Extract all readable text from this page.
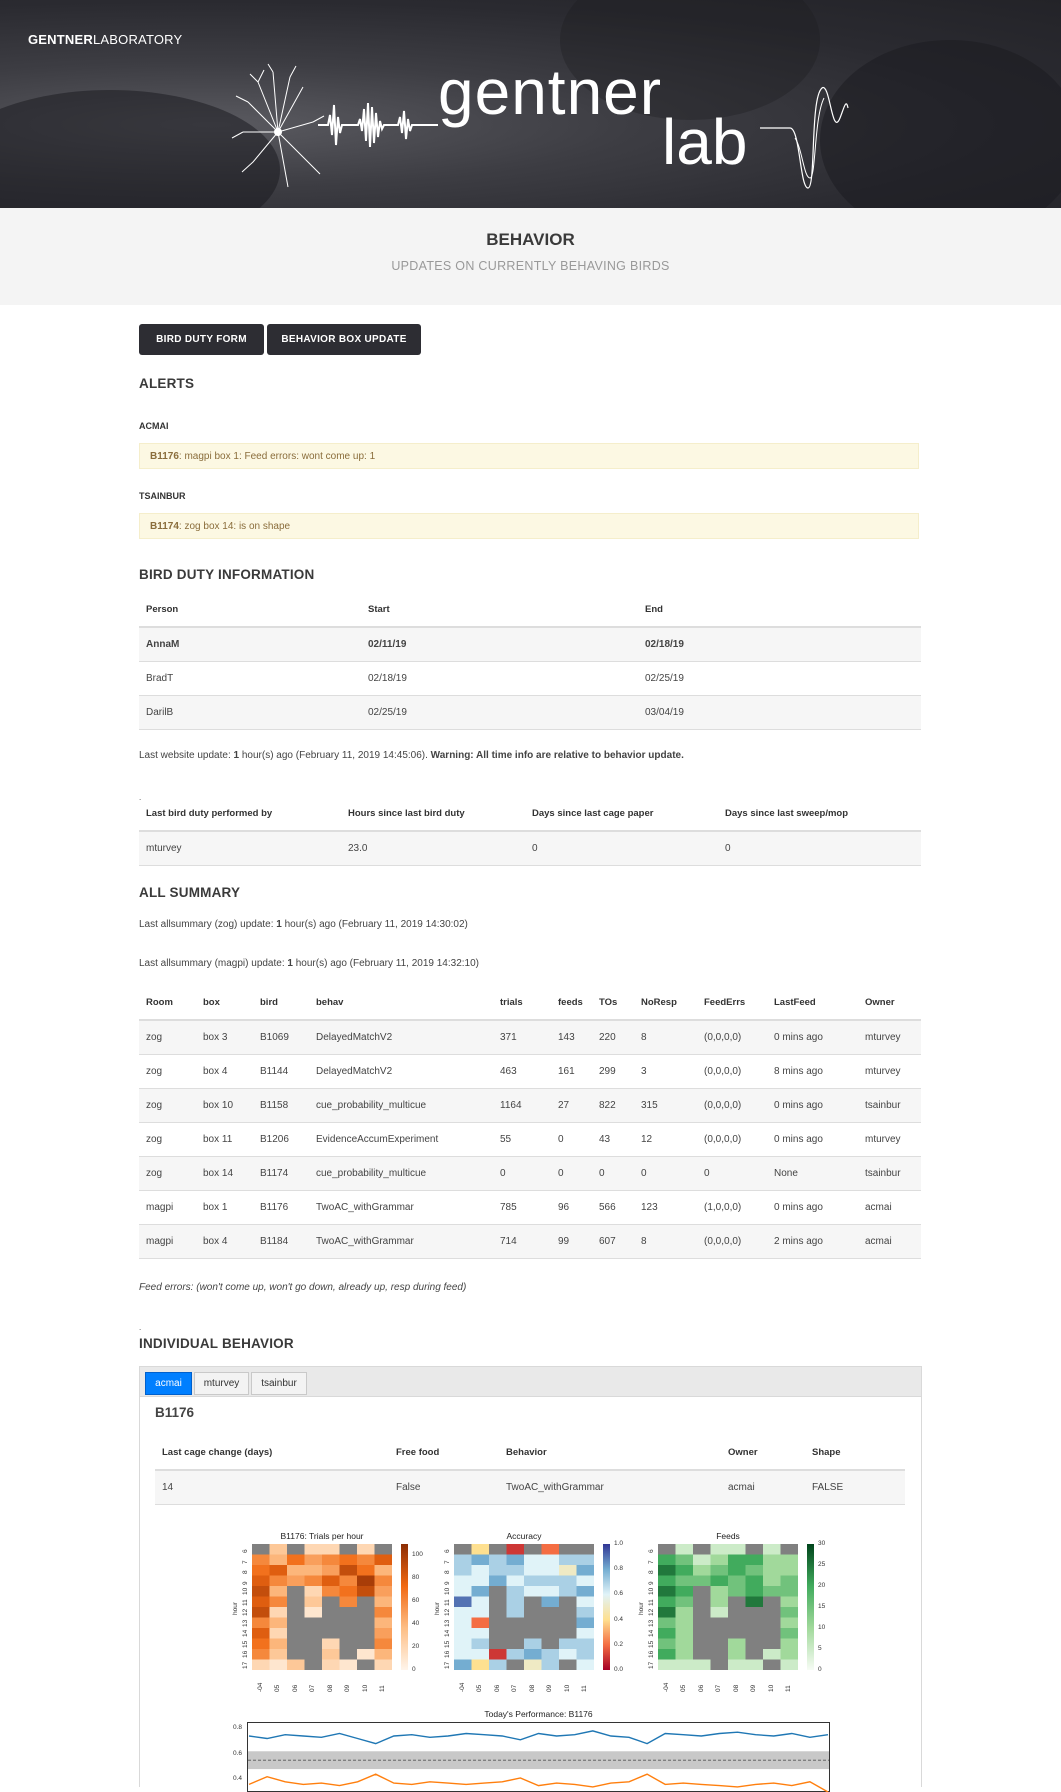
GENTNERLABORATORY
gentner
lab
BEHAVIOR
UPDATES ON CURRENTLY BEHAVING BIRDS
BIRD DUTY FORM	BEHAVIOR BOX UPDATE
ALERTS
ACMAI
B1176: magpi box 1: Feed errors: wont come up: 1
TSAINBUR
B1174: zog box 14: is on shape
BIRD DUTY INFORMATION
Person	Start	End
AnnaM	02/11/19	02/18/19
BradT	02/18/19	02/25/19
DarilB	02/25/19	03/04/19
Last website update: 1 hour(s) ago (February 11, 2019 14:45:06). Warning: All time info are relative to behavior update.
.
Last bird duty performed by	Hours since last bird duty	Days since last cage paper	Days since last sweep/mop
mturvey	23.0	0	0
ALL SUMMARY
Last allsummary (zog) update: 1 hour(s) ago (February 11, 2019 14:30:02)
Last allsummary (magpi) update: 1 hour(s) ago (February 11, 2019 14:32:10)
Room	box	bird	behav	trials	feeds	TOs	NoResp	FeedErrs	LastFeed	Owner
zog	box 3	B1069	DelayedMatchV2	371	143	220	8	(0,0,0,0)	0 mins ago	mturvey
zog	box 4	B1144	DelayedMatchV2	463	161	299	3	(0,0,0,0)	8 mins ago	mturvey
zog	box 10	B1158	cue_probability_multicue	1164	27	822	315	(0,0,0,0)	0 mins ago	tsainbur
zog	box 11	B1206	EvidenceAccumExperiment	55	0	43	12	(0,0,0,0)	0 mins ago	mturvey
zog	box 14	B1174	cue_probability_multicue	0	0	0	0	0	None	tsainbur
magpi	box 1	B1176	TwoAC_withGrammar	785	96	566	123	(1,0,0,0)	0 mins ago	acmai
magpi	box 4	B1184	TwoAC_withGrammar	714	99	607	8	(0,0,0,0)	2 mins ago	acmai
Feed errors: (won't come up, won't go down, already up, resp during feed)
.
INDIVIDUAL BEHAVIOR
acmai	mturvey	tsainbur
B1176
Last cage change (days)	Free food	Behavior	Owner	Shape
14	False	TwoAC_withGrammar	acmai	FALSE
B1176: Trials per hour
100
80
60
40
20
0
6
7
8
9
10
11
12
13
14
15
16
17
hour
-04
05 06 07 08 09 10 11
Accuracy
1.0
0.8
0.6
0.4
0.2
0.0
6
7
8
9
10
11
12
13
14
15
16
17
hour
-04
05 06 07 08 09 10 11
Feeds
30
25
20
15
10
5
0
6
7
8
9
10
11
12
13
14
15
16
17
hour
-04
05 06 07 08 09 10 11
Today's Performance: B1176
0.8
0.6
0.4
